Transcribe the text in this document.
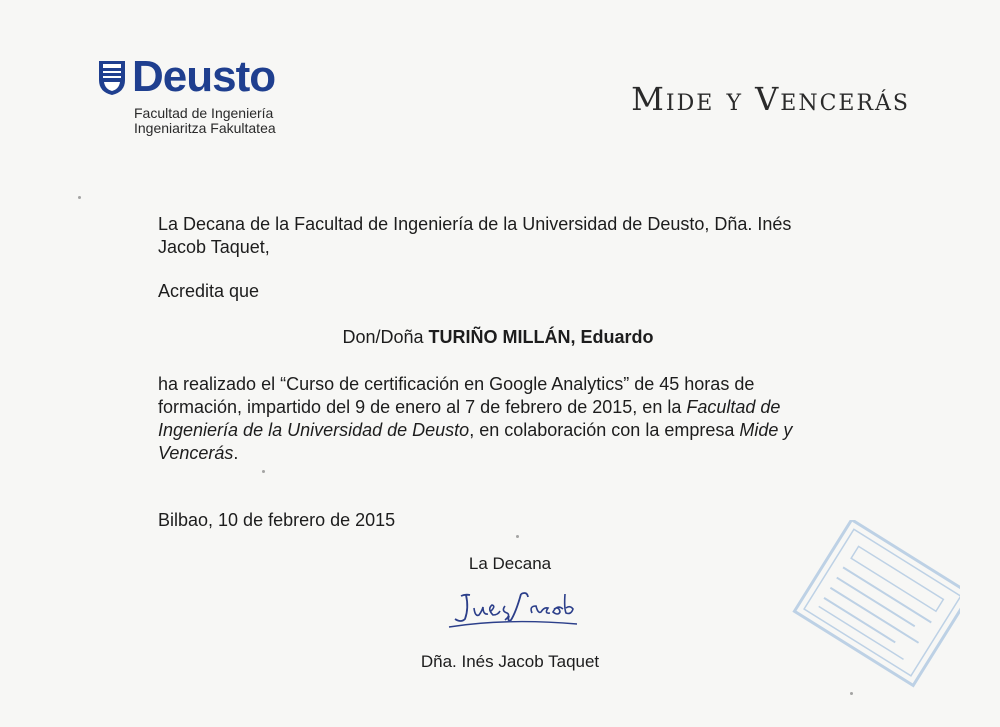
Deusto
Facultad de Ingeniería
Ingeniaritza Fakultatea
Mide y Vencerás

La Decana de la Facultad de Ingeniería de la Universidad de Deusto, Dña. Inés Jacob Taquet,

Acredita que

Don/Doña TURIÑO MILLÁN, Eduardo

ha realizado el “Curso de certificación en Google Analytics” de 45 horas de formación, impartido del 9 de enero al 7 de febrero de 2015, en la Facultad de Ingeniería de la Universidad de Deusto, en colaboración con la empresa Mide y Vencerás.

Bilbao, 10 de febrero de 2015

La Decana
Dña. Inés Jacob Taquet
